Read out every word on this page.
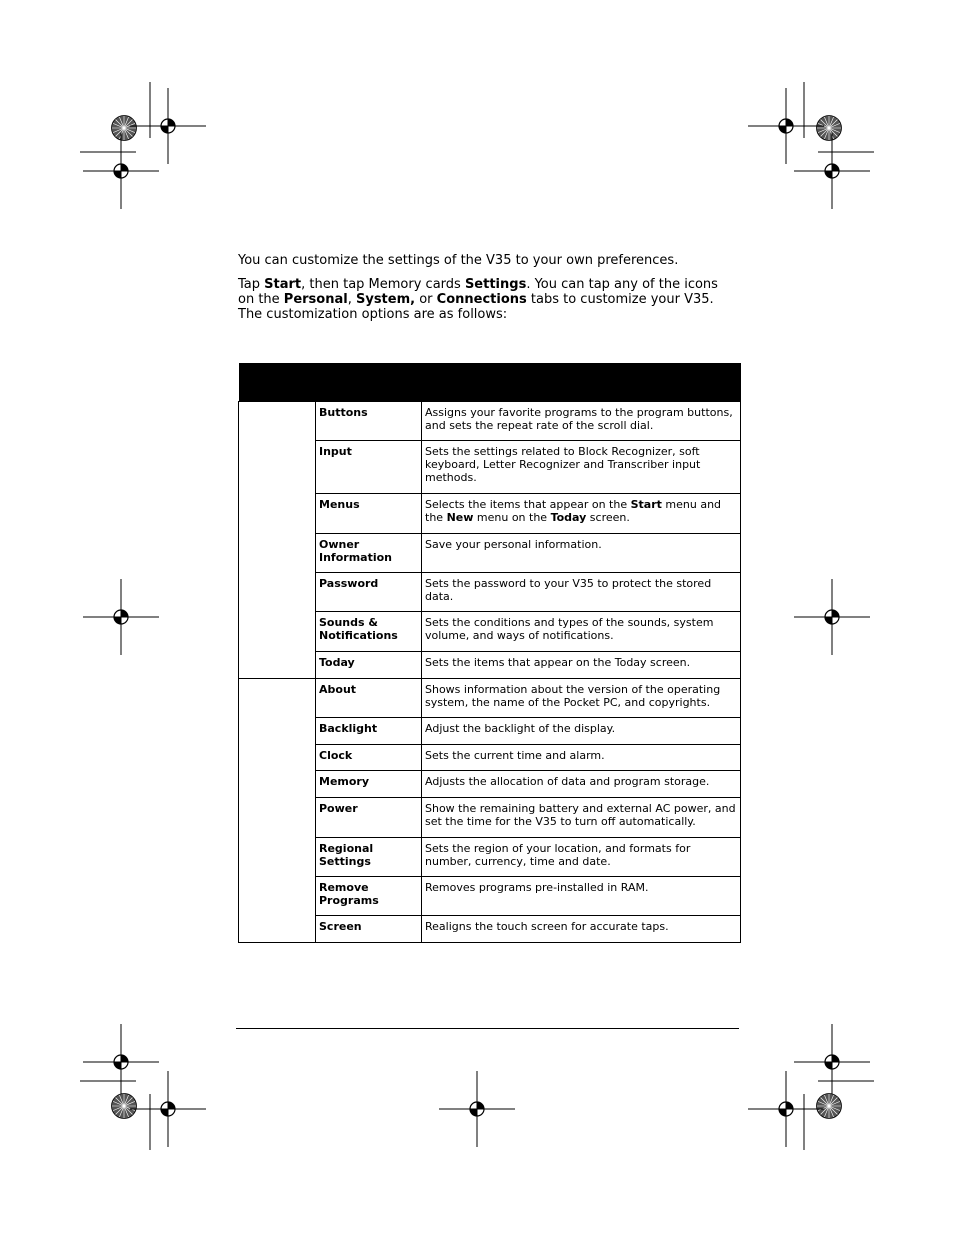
You can customize the settings of the V35 to your own preferences.

Tap Start, then tap Memory cards Settings. You can tap any of the icons on the Personal, System, or Connections tabs to customize your V35. The customization options are as follows:

	Buttons	Assigns your favorite programs to the program buttons, and sets the repeat rate of the scroll dial.
	Input	Sets the settings related to Block Recognizer, soft keyboard, Letter Recognizer and Transcriber input methods.
	Menus	Selects the items that appear on the Start menu and the New menu on the Today screen.
	Owner Information	Save your personal information.
	Password	Sets the password to your V35 to protect the stored data.
	Sounds & Notifications	Sets the conditions and types of the sounds, system volume, and ways of notifications.
	Today	Sets the items that appear on the Today screen.
	About	Shows information about the version of the operating system, the name of the Pocket PC, and copyrights.
	Backlight	Adjust the backlight of the display.
	Clock	Sets the current time and alarm.
	Memory	Adjusts the allocation of data and program storage.
	Power	Show the remaining battery and external AC power, and set the time for the V35 to turn off automatically.
	Regional Settings	Sets the region of your location, and formats for number, currency, time and date.
	Remove Programs	Removes programs pre-installed in RAM.
	Screen	Realigns the touch screen for accurate taps.
